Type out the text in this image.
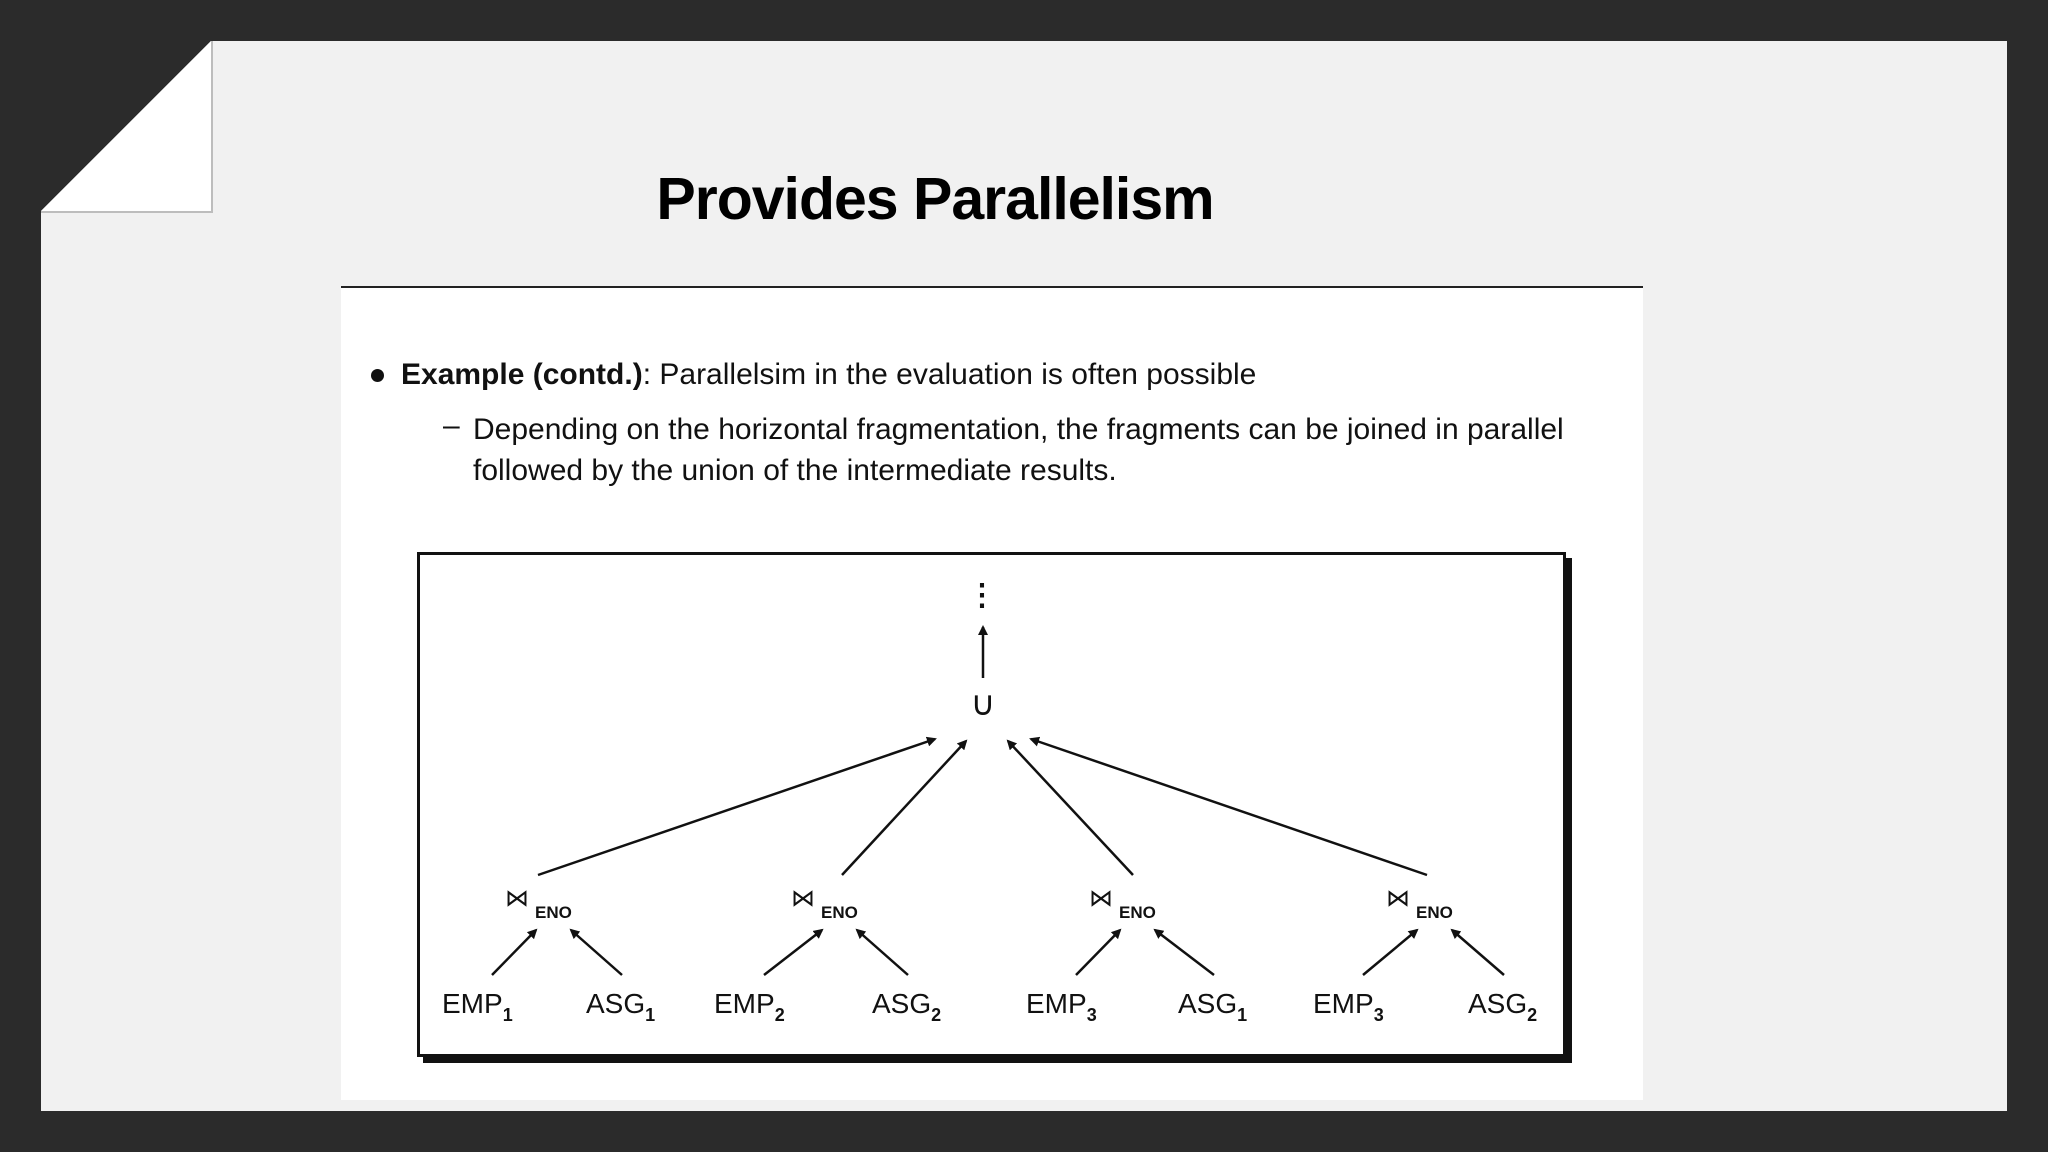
Provides Parallelism
Example (contd.): Parallelsim in the evaluation is often possible
– Depending on the horizontal fragmentation, the fragments can be joined in parallel followed by the union of the intermediate results.
⋮
∪
⋈
ENO
$EMP_1$	$ASG_1$
⋈
ENO
$EMP_2$	$ASG_2$
⋈
ENO
$EMP_3$	$ASG_1$
⋈
ENO
$EMP_3$	$ASG_2$
